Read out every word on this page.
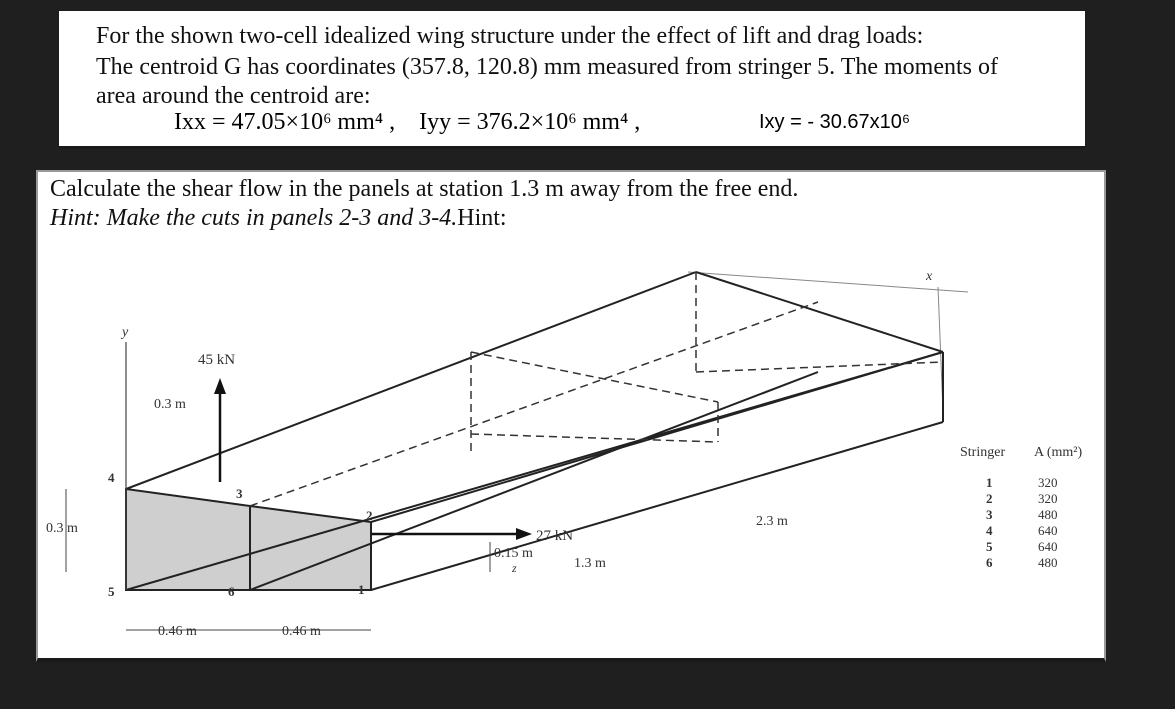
For the shown two-cell idealized wing structure under the effect of lift and drag loads:
The centroid G has coordinates (357.8, 120.8) mm measured from stringer 5. The moments of
area around the centroid are:
Ixx = 47.05×10⁶ mm⁴ , Iyy = 376.2×10⁶ mm⁴ ,	Ixy = - 30.67x10⁶
Calculate the shear flow in the panels at station 1.3 m away from the free end.
Hint: Make the cuts in panels 2-3 and 3-4.Hint:
y
x
z
45 kN
27 kN
0.3 m
0.3 m
0.15 m
1.3 m
2.3 m
0.46 m	0.46 m
1
2
3
4
5	6
Stringer A (mm²)
1	320
2	320
3	480
4	640
5	640
6	480
